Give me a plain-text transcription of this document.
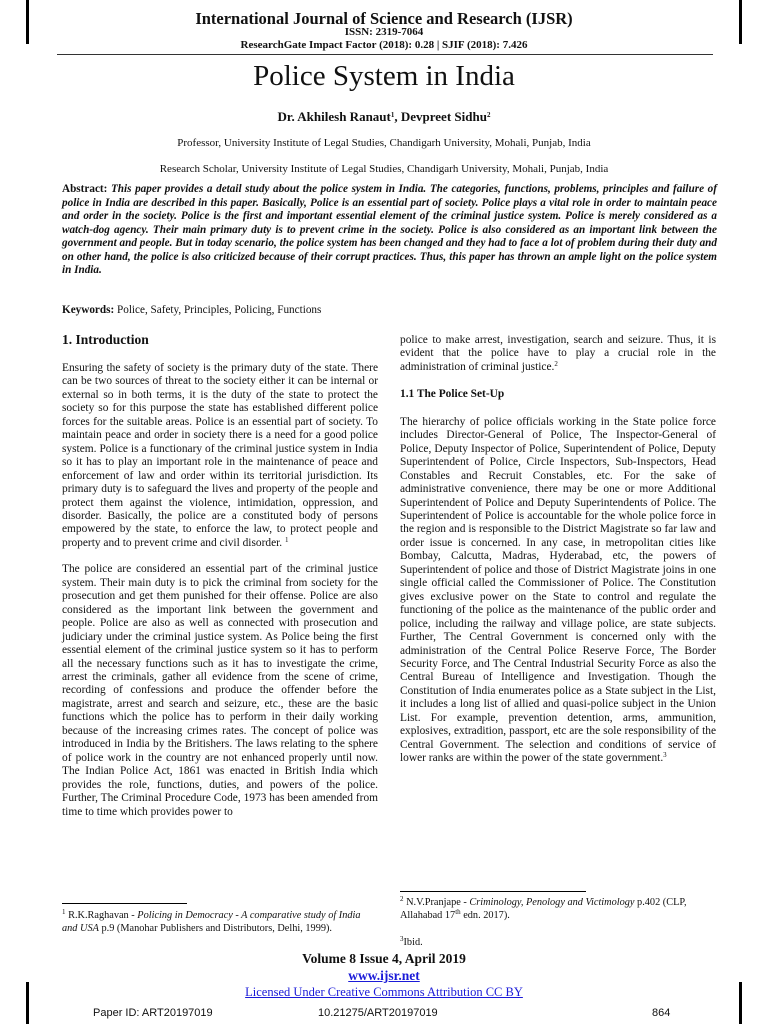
International Journal of Science and Research (IJSR)
ISSN: 2319-7064
ResearchGate Impact Factor (2018): 0.28 | SJIF (2018): 7.426
Police System in India
Dr. Akhilesh Ranaut$^1$, Devpreet Sidhu$^2$
Professor, University Institute of Legal Studies, Chandigarh University, Mohali, Punjab, India
Research Scholar, University Institute of Legal Studies, Chandigarh University, Mohali, Punjab, India
Abstract: This paper provides a detail study about the police system in India. The categories, functions, problems, principles and failure of police in India are described in this paper. Basically, Police is an essential part of society. Police plays a vital role in order to maintain peace and order in the society. Police is the first and important essential element of the criminal justice system. Police is merely considered as a watch-dog agency. Their main primary duty is to prevent crime in the society. Police is also considered as an important link between the government and people. But in today scenario, the police system has been changed and they had to face a lot of problem during their duty and on other hand, the police is also criticized because of their corrupt practices. Thus, this paper has thrown an ample light on the police system in India.
Keywords: Police, Safety, Principles, Policing, Functions
1. Introduction

Ensuring the safety of society is the primary duty of the state. There can be two sources of threat to the society either it can be internal or external so in both terms, it is the duty of the state to protect the society so for this purpose the state has established different police forces for the suitable areas. Police is an essential part of society. To maintain peace and order in society there is a need for a good police system. Police is a functionary of the criminal justice system in India so it has to play an important role in the maintenance of peace and enforcement of law and order within its territorial jurisdiction. Its primary duty is to safeguard the lives and property of the people and protect them against the violence, intimidation, oppression, and disorder. Basically, the police are a constituted body of persons empowered by the state, to enforce the law, to protect people and property and to prevent crime and civil disorder. $^1$

The police are considered an essential part of the criminal justice system. Their main duty is to pick the criminal from society for the prosecution and get them punished for their offense. Police are also considered as the important link between the government and people. Police are also as well as connected with prosecution and judiciary under the criminal justice system. As Police being the first essential element of the criminal justice system so it has to perform all the necessary functions such as it has to investigate the crime, arrest the criminals, gather all evidence from the scene of crime, recording of confessions and produce the offender before the magistrate, arrest and search and seizure, etc., these are the basic functions which the police has to perform in their daily working because of the increasing crimes rates. The concept of police was introduced in India by the Britishers. The laws relating to the sphere of police work in the country are not enhanced properly until now. The Indian Police Act, 1861 was enacted in British India which provides the role, functions, duties, and powers of the police. Further, The Criminal Procedure Code, 1973 has been amended from time to time which provides power to

police to make arrest, investigation, search and seizure. Thus, it is evident that the police have to play a crucial role in the administration of criminal justice.$^2$

1.1 The Police Set-Up

The hierarchy of police officials working in the State police force includes Director-General of Police, The Inspector-General of Police, Deputy Inspector of Police, Superintendent of Police, Deputy Superintendent of Police, Circle Inspectors, Sub-Inspectors, Head Constables and Recruit Constables, etc. For the sake of administrative convenience, there may be one or more Additional Superintendent of Police and Deputy Superintendents of Police. The Superintendent of Police is accountable for the whole police force in the region and is responsible to the District Magistrate so far law and order issue is concerned. In any case, in metropolitan cities like Bombay, Calcutta, Madras, Hyderabad, etc, the powers of Superintendent of police and those of District Magistrate joins in one single official called the Commissioner of Police. The Constitution gives exclusive power on the State to control and regulate the functioning of the police as the maintenance of the public order and police, including the railway and village police, are state subjects. Further, The Central Government is concerned only with the administration of the Central Police Reserve Force, The Border Security Force, and The Central Industrial Security Force as also the Central Bureau of Intelligence and Investigation. Though the Constitution of India enumerates police as a State subject in the List, it includes a long list of allied and quasi-police subject in the Union List. For example, prevention detention, arms, ammunition, explosives, extradition, passport, etc are the sole responsibility of the Central Government. The selection and conditions of service of lower ranks are within the power of the state government.$^3$

$^1$ R.K.Raghavan - Policing in Democracy - A comparative study of India and USA p.9 (Manohar Publishers and Distributors, Delhi, 1999).
$^2$ N.V.Pranjape - Criminology, Penology and Victimology p.402 (CLP, Allahabad 17th edn. 2017).
$^3$Ibid.
Volume 8 Issue 4, April 2019
www.ijsr.net
Licensed Under Creative Commons Attribution CC BY
Paper ID: ART20197019	10.21275/ART20197019	864
